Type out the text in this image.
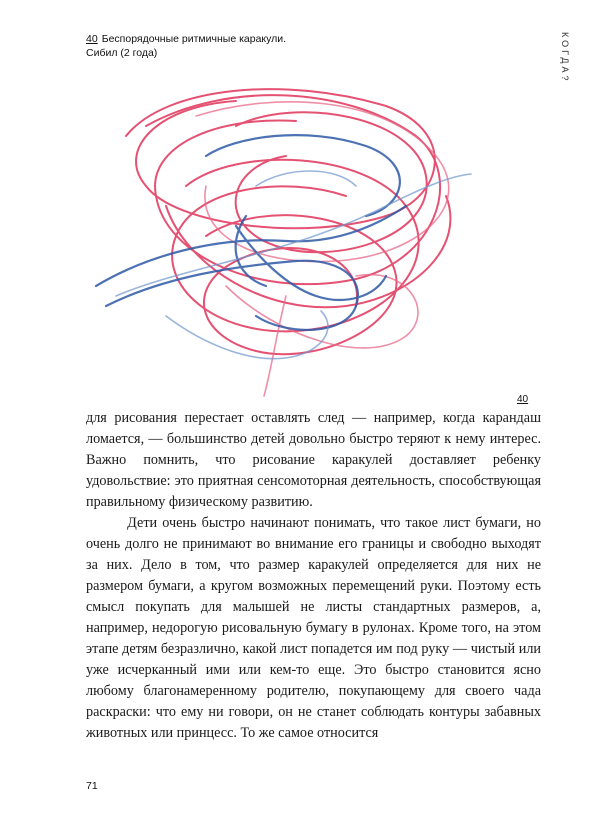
КОГДА?
40 Беспорядочные ритмичные каракули.
Сибил (2 года)
40

для рисования перестает оставлять след — например, когда карандаш ломается, — большинство детей довольно быстро теряют к нему интерес. Важно помнить, что рисование каракулей доставляет ребенку удовольствие: это приятная сенсомоторная деятельность, способствующая правильному физическому развитию.

Дети очень быстро начинают понимать, что такое лист бумаги, но очень долго не принимают во внимание его границы и свободно выходят за них. Дело в том, что размер каракулей определяется для них не размером бумаги, а кругом возможных перемещений руки. Поэтому есть смысл покупать для малышей не листы стандартных размеров, а, например, недорогую рисовальную бумагу в рулонах. Кроме того, на этом этапе детям безразлично, какой лист попадется им под руку — чистый или уже исчерканный ими или кем-то еще. Это быстро становится ясно любому благонамеренному родителю, покупающему для своего чада раскраски: что ему ни говори, он не станет соблюдать контуры забавных животных или принцесс. То же самое относится

71
